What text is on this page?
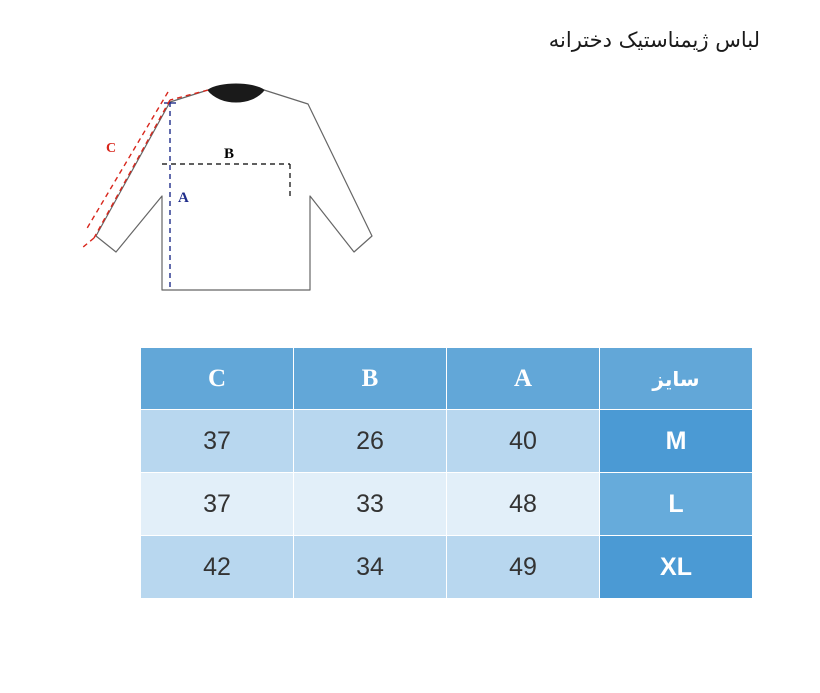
لباس ژیمناستیک دخترانه
B
A
C
C	B	A	سایز
37	26	40	M
37	33	48	L
42	34	49	XL
